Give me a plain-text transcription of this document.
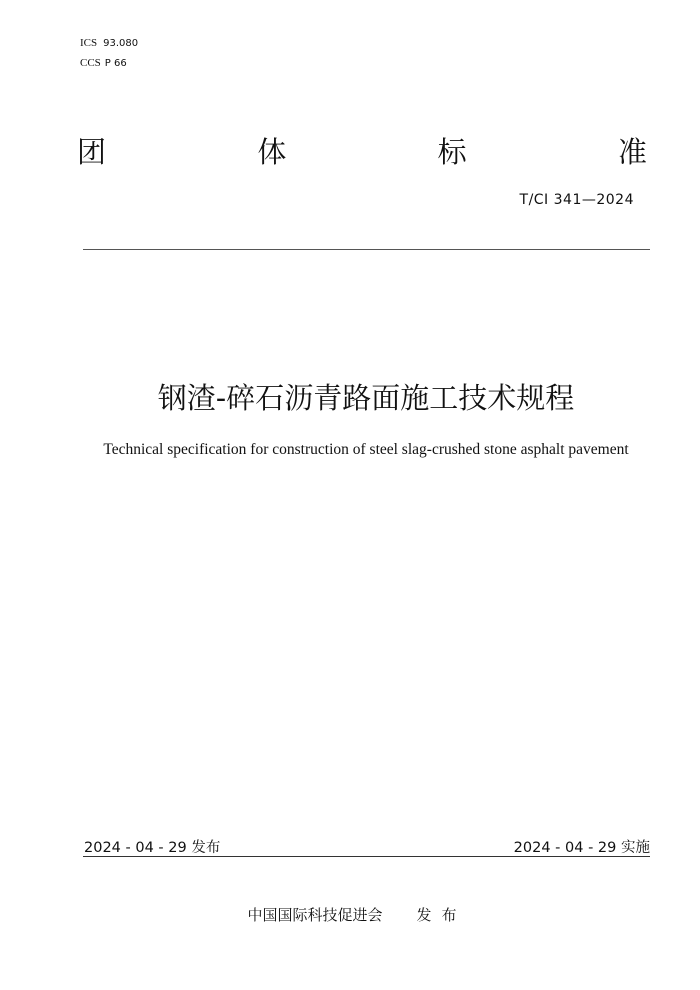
ICS 93.080
CCS P 66
团	体	标	准
T/CI 341—2024
钢渣-碎石沥青路面施工技术规程
Technical specification for construction of steel slag-crushed stone asphalt pavement
2024 - 04 - 29 发布	2024 - 04 - 29 实施
中国国际科技促进会 发布
